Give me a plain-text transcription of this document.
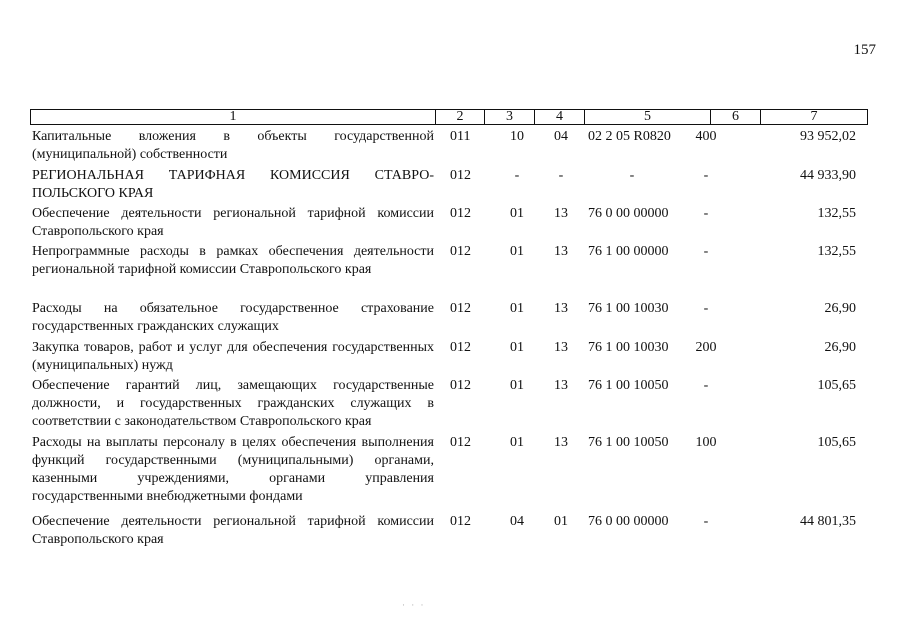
157
1	2	3	4	5	6	7
Капитальные вложения в объекты государственной (муниципальной) собственности
011	10	04	02 2 05 R0820	400	93 952,02
РЕГИОНАЛЬНАЯ ТАРИФНАЯ КОМИССИЯ СТАВРО-ПОЛЬСКОГО КРАЯ
012	-	-	-	-	44 933,90
Обеспечение деятельности региональной тарифной комиссии Ставропольского края
012	01	13	76 0 00 00000	-	132,55
Непрограммные расходы в рамках обеспечения деятельности региональной тарифной комиссии Ставропольского края
012	01	13	76 1 00 00000	-	132,55
Расходы на обязательное государственное страхование государственных гражданских служащих
012	01	13	76 1 00 10030	-	26,90
Закупка товаров, работ и услуг для обеспечения государственных (муниципальных) нужд
012	01	13	76 1 00 10030	200	26,90
Обеспечение гарантий лиц, замещающих государственные должности, и государственных гражданских служащих в соответствии с законодательством Ставропольского края
012	01	13	76 1 00 10050	-	105,65
Расходы на выплаты персоналу в целях обеспечения выполнения функций государственными (муниципальными) органами, казенными учреждениями, органами управления государственными внебюджетными фондами
012	01	13	76 1 00 10050	100	105,65
Обеспечение деятельности региональной тарифной комиссии Ставропольского края
012	04	01	76 0 00 00000	-	44 801,35
· · ·
